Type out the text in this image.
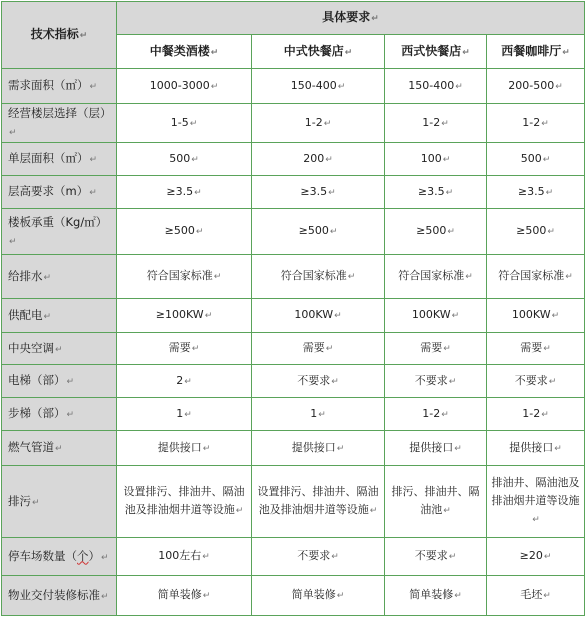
技术指标↵	具体要求↵			
	中餐类酒楼↵	中式快餐店↵	西式快餐店↵	西餐咖啡厅↵
需求面积（㎡）↵	1000-3000↵	150-400↵	150-400↵	200-500↵
经营楼层选择（层）↵	1-5↵	1-2↵	1-2↵	1-2↵
单层面积（㎡）↵	500↵	200↵	100↵	500↵
层高要求（m）↵	≥3.5↵	≥3.5↵	≥3.5↵	≥3.5↵
楼板承重（Kg/㎡）↵	≥500↵	≥500↵	≥500↵	≥500↵
给排水↵	符合国家标准↵	符合国家标准↵	符合国家标准↵	符合国家标准↵
供配电↵	≥100KW↵	100KW↵	100KW↵	100KW↵
中央空调↵	需要↵	需要↵	需要↵	需要↵
电梯（部）↵	2↵	不要求↵	不要求↵	不要求↵
步梯（部）↵	1↵	1↵	1-2↵	1-2↵
燃气管道↵	提供接口↵	提供接口↵	提供接口↵	提供接口↵
排污↵	设置排污、排油井、隔油池及排油烟井道等设施↵	设置排污、排油井、隔油池及排油烟井道等设施↵	排污、排油井、隔油池↵	排油井、隔油池及排油烟井道等设施↵
停车场数量（个）↵	100左右↵	不要求↵	不要求↵	≥20↵
物业交付装修标准↵	简单装修↵	简单装修↵	简单装修↵	毛坯↵
